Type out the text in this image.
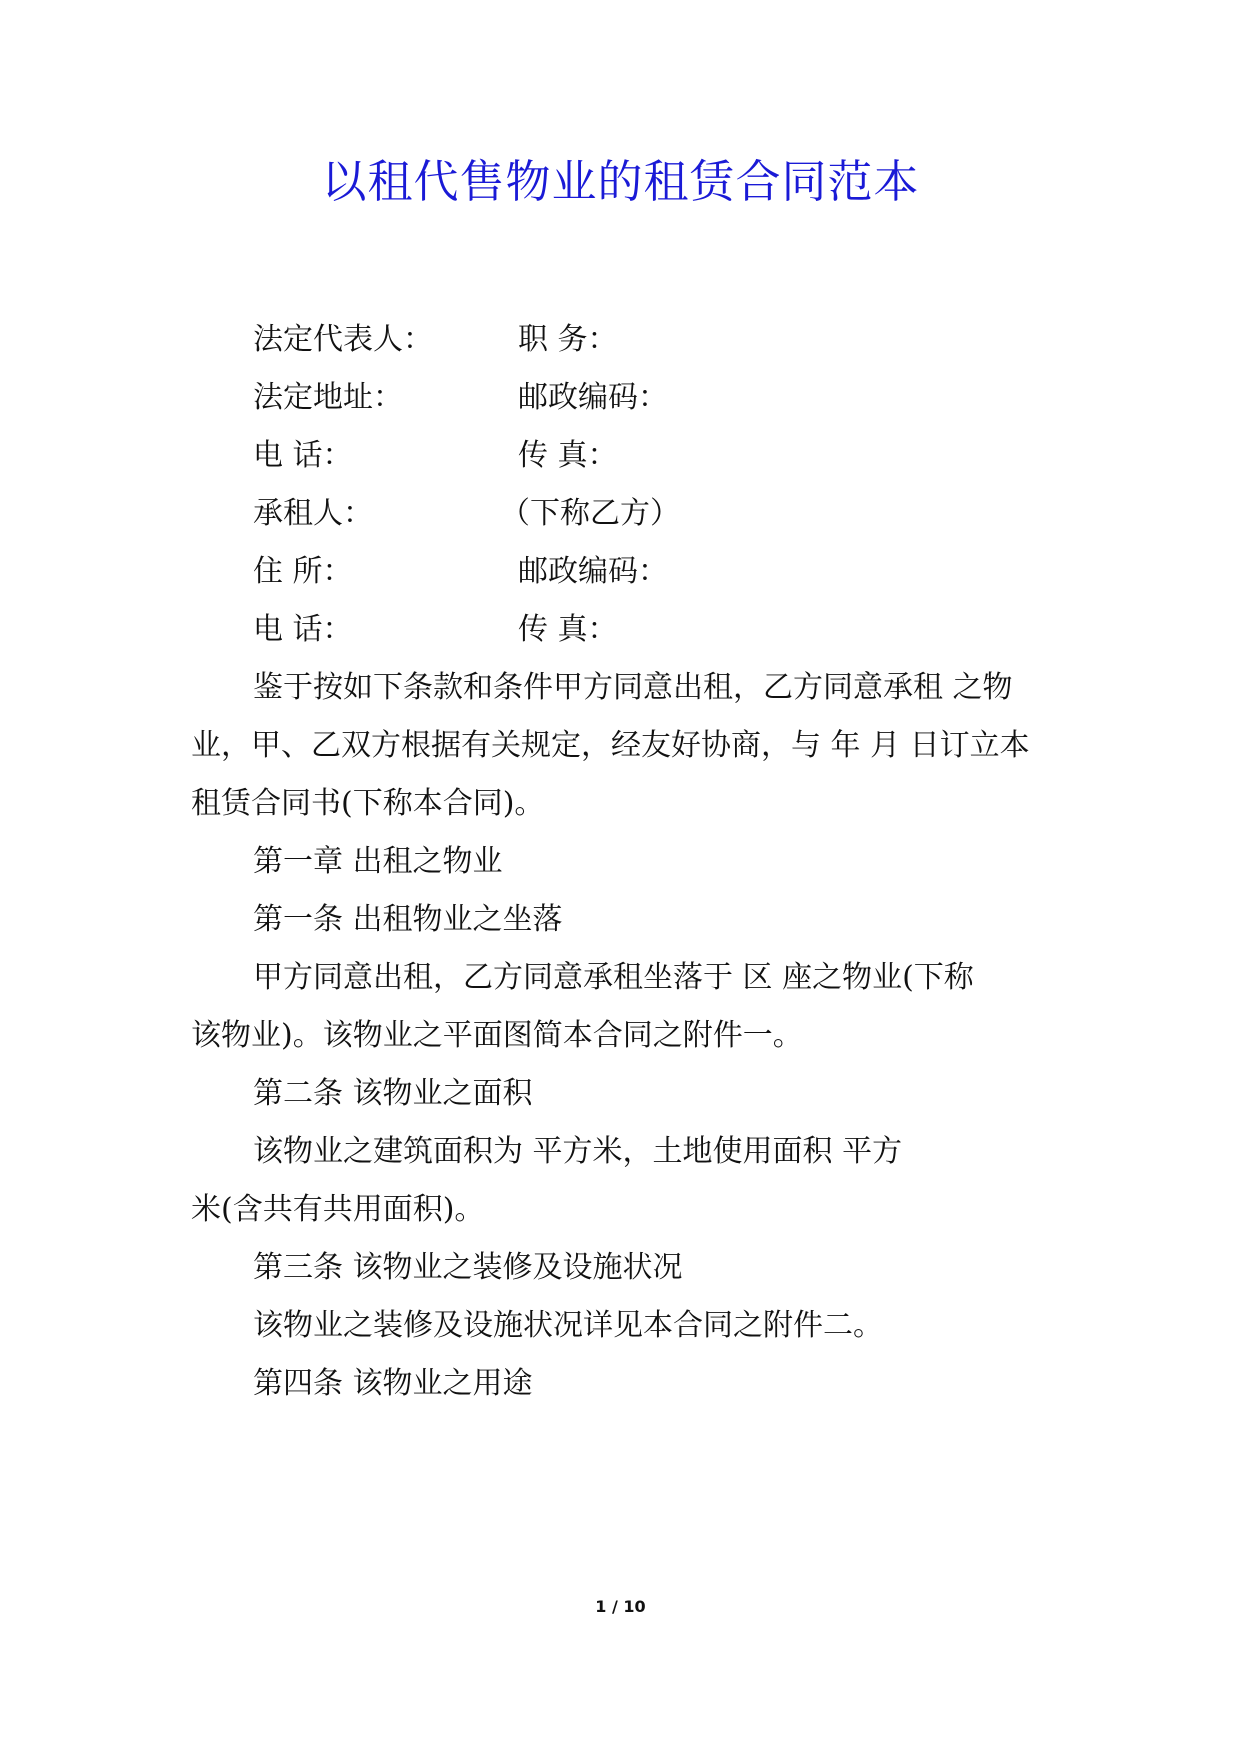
以租代售物业的租赁合同范本
法定代表人：	职 务：
法定地址：	邮政编码：
电 话：	传 真：
承租人：	（下称乙方）
住 所：	邮政编码：
电 话：	传 真：
鉴于按如下条款和条件甲方同意出租，乙方同意承租 之物
业，甲、乙双方根据有关规定，经友好协商，与 年 月 日订立本
租赁合同书(下称本合同)。
第一章 出租之物业
第一条 出租物业之坐落
甲方同意出租，乙方同意承租坐落于 区 座之物业(下称
该物业)。该物业之平面图简本合同之附件一。
第二条 该物业之面积
该物业之建筑面积为 平方米，土地使用面积 平方
米(含共有共用面积)。
第三条 该物业之装修及设施状况
该物业之装修及设施状况详见本合同之附件二。
第四条 该物业之用途
1 / 10
